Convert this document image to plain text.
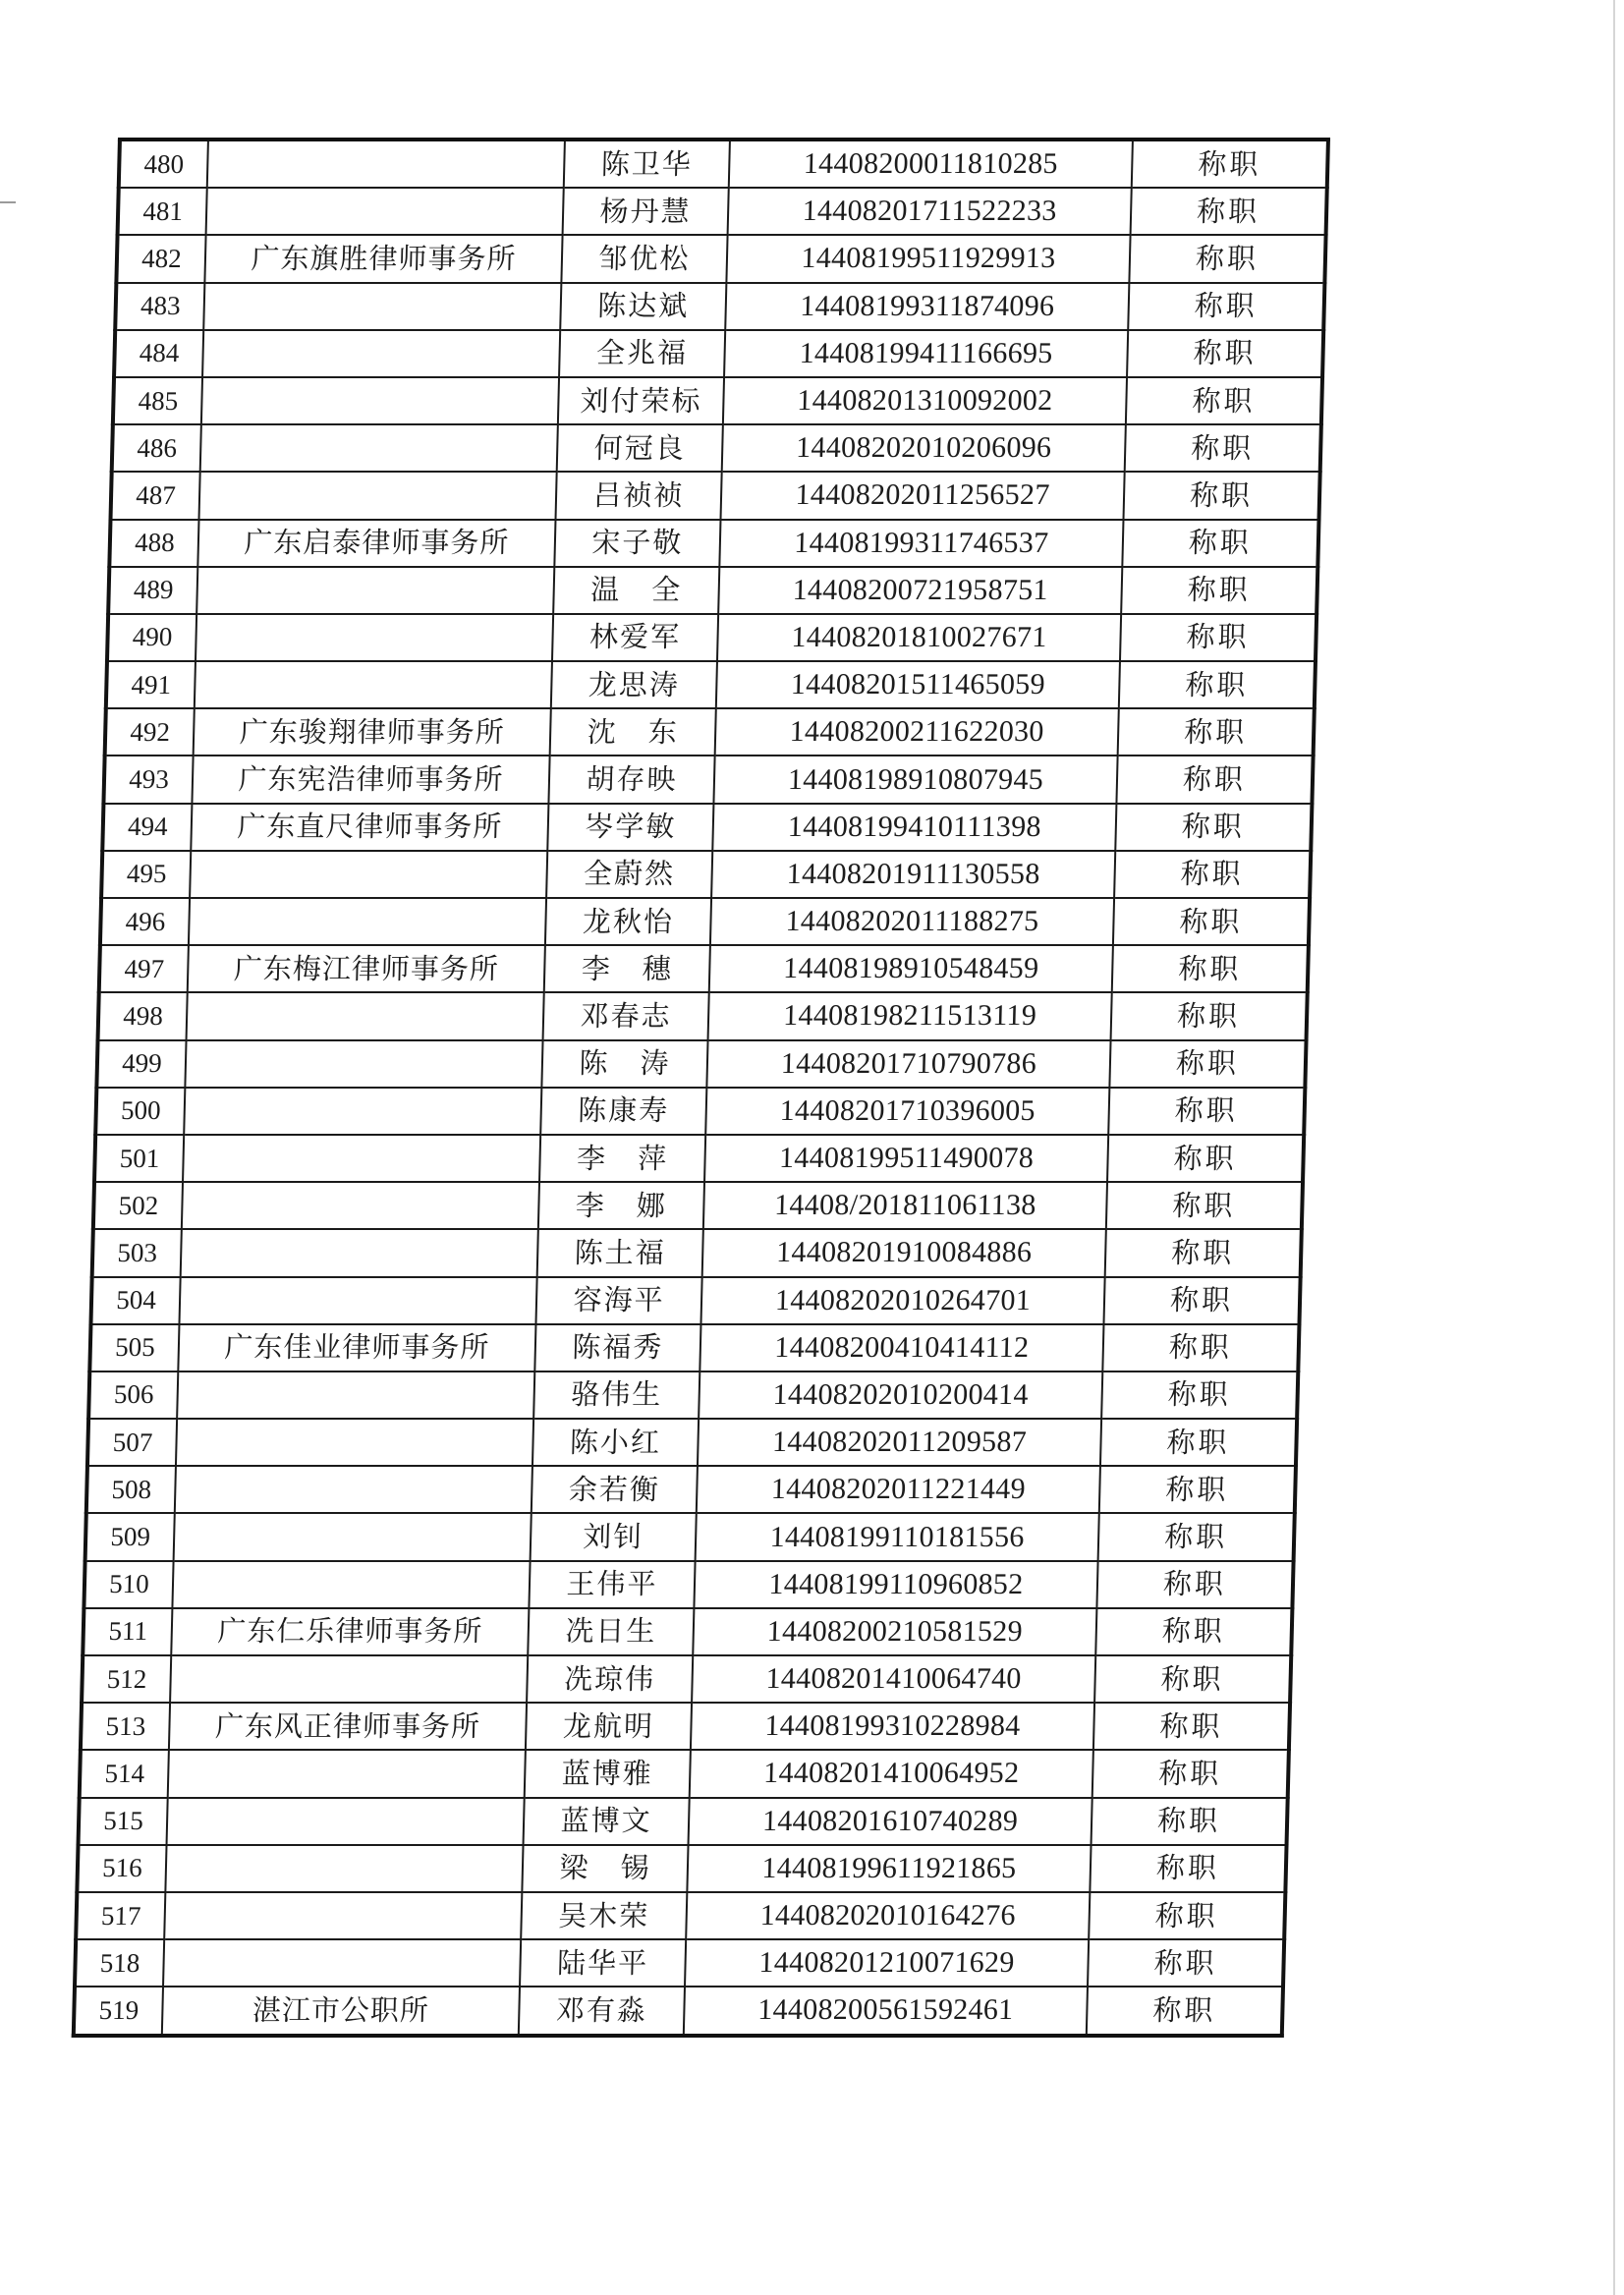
480		陈卫华	14408200011810285	称职
481		杨丹慧	14408201711522233	称职
482	广东旗胜律师事务所	邹优松	14408199511929913	称职
483		陈达斌	14408199311874096	称职
484		全兆福	14408199411166695	称职
485		刘付荣标	14408201310092002	称职
486		何冠良	14408202010206096	称职
487		吕祯祯	14408202011256527	称职
488	广东启泰律师事务所	宋子敬	14408199311746537	称职
489		温　全	14408200721958751	称职
490		林爱军	14408201810027671	称职
491		龙思涛	14408201511465059	称职
492	广东骏翔律师事务所	沈　东	14408200211622030	称职
493	广东宪浩律师事务所	胡存映	14408198910807945	称职
494	广东直尺律师事务所	岑学敏	14408199410111398	称职
495		全蔚然	14408201911130558	称职
496		龙秋怡	14408202011188275	称职
497	广东梅江律师事务所	李　穗	14408198910548459	称职
498		邓春志	14408198211513119	称职
499		陈　涛	14408201710790786	称职
500		陈康寿	14408201710396005	称职
501		李　萍	14408199511490078	称职
502		李　娜	14408/201811061138	称职
503		陈土福	14408201910084886	称职
504		容海平	14408202010264701	称职
505	广东佳业律师事务所	陈福秀	14408200410414112	称职
506		骆伟生	14408202010200414	称职
507		陈小红	14408202011209587	称职
508		余若衡	14408202011221449	称职
509		刘钊	14408199110181556	称职
510		王伟平	14408199110960852	称职
511	广东仁乐律师事务所	冼日生	14408200210581529	称职
512		冼琼伟	14408201410064740	称职
513	广东风正律师事务所	龙航明	14408199310228984	称职
514		蓝博雅	14408201410064952	称职
515		蓝博文	14408201610740289	称职
516		梁　锡	14408199611921865	称职
517		吴木荣	14408202010164276	称职
518		陆华平	14408201210071629	称职
519	湛江市公职所	邓有淼	14408200561592461	称职
